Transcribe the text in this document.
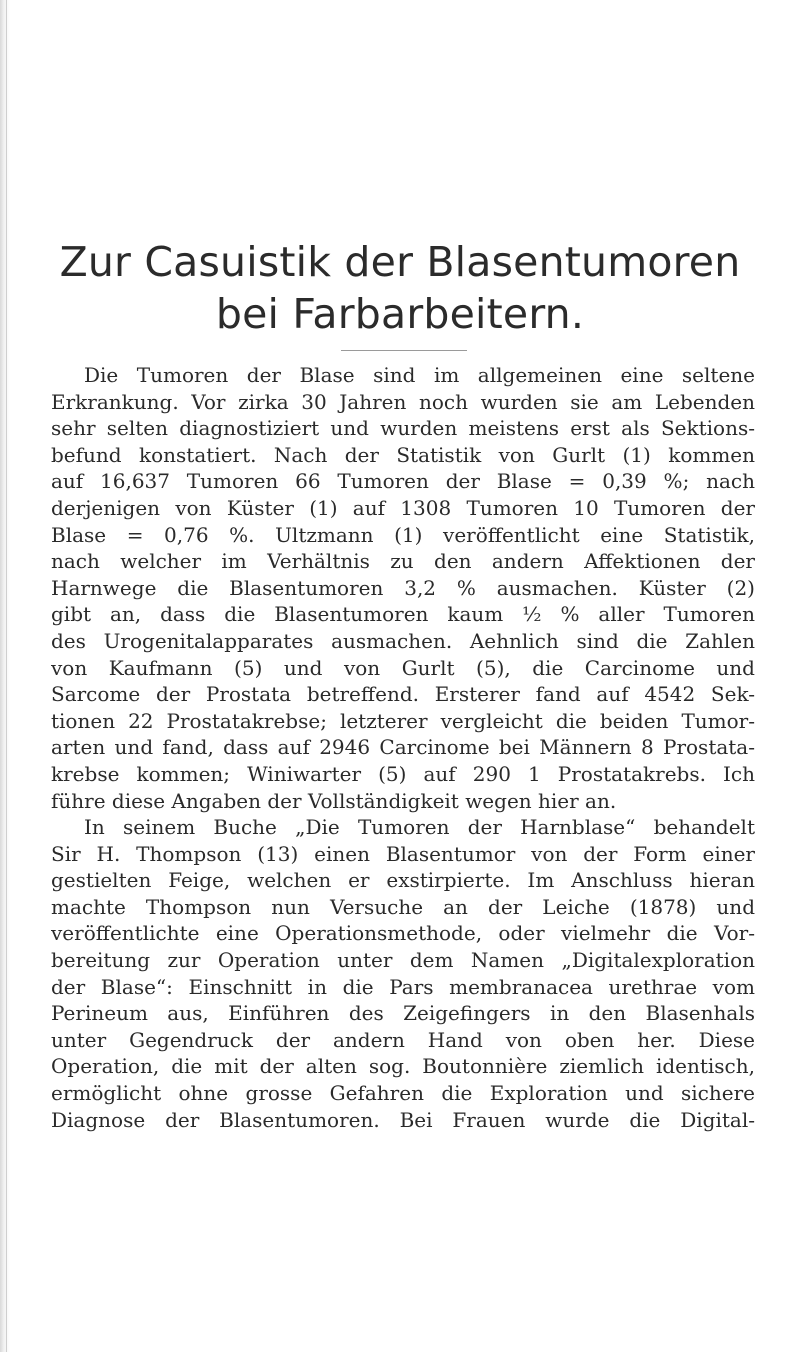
Zur Casuistik der Blasentumoren
bei Farbarbeitern.
Die Tumoren der Blase sind im allgemeinen eine seltene
Erkrankung. Vor zirka 30 Jahren noch wurden sie am Lebenden
sehr selten diagnostiziert und wurden meistens erst als Sektions-
befund konstatiert. Nach der Statistik von Gurlt (1) kommen
auf 16,637 Tumoren 66 Tumoren der Blase = 0,39 %; nach
derjenigen von Küster (1) auf 1308 Tumoren 10 Tumoren der
Blase = 0,76 %. Ultzmann (1) veröffentlicht eine Statistik,
nach welcher im Verhältnis zu den andern Affektionen der
Harnwege die Blasentumoren 3,2 % ausmachen. Küster (2)
gibt an, dass die Blasentumoren kaum ½ % aller Tumoren
des Urogenitalapparates ausmachen. Aehnlich sind die Zahlen
von Kaufmann (5) und von Gurlt (5), die Carcinome und
Sarcome der Prostata betreffend. Ersterer fand auf 4542 Sek-
tionen 22 Prostatakrebse; letzterer vergleicht die beiden Tumor-
arten und fand, dass auf 2946 Carcinome bei Männern 8 Prostata-
krebse kommen; Winiwarter (5) auf 290 1 Prostatakrebs. Ich
führe diese Angaben der Vollständigkeit wegen hier an.
In seinem Buche „Die Tumoren der Harnblase“ behandelt
Sir H. Thompson (13) einen Blasentumor von der Form einer
gestielten Feige, welchen er exstirpierte. Im Anschluss hieran
machte Thompson nun Versuche an der Leiche (1878) und
veröffentlichte eine Operationsmethode, oder vielmehr die Vor-
bereitung zur Operation unter dem Namen „Digitalexploration
der Blase“: Einschnitt in die Pars membranacea urethrae vom
Perineum aus, Einführen des Zeigefingers in den Blasenhals
unter Gegendruck der andern Hand von oben her. Diese
Operation, die mit der alten sog. Boutonnière ziemlich identisch,
ermöglicht ohne grosse Gefahren die Exploration und sichere
Diagnose der Blasentumoren. Bei Frauen wurde die Digital-
